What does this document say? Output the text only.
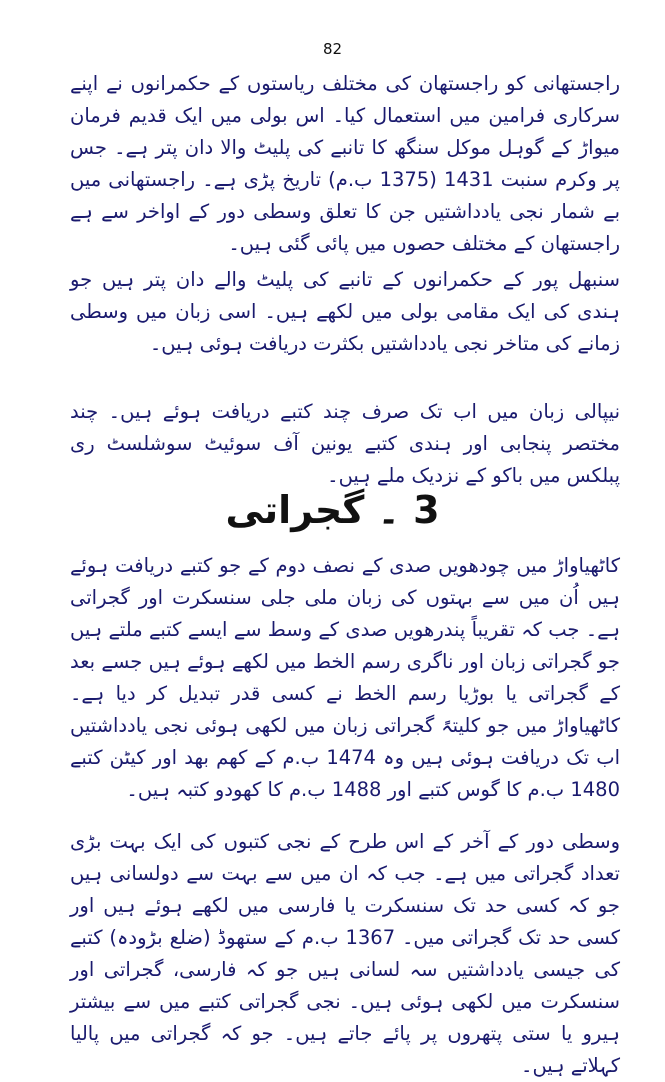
82

راجستھانی کو راجستھان کی مختلف ریاستوں کے حکمرانوں نے اپنے سرکاری فرامین میں استعمال کیا۔ اس بولی میں ایک قدیم فرمان میواڑ کے گوہل موکل سنگھ کا تانبے کی پلیٹ والا دان پتر ہے۔ جس پر وکرم سنبت 1431 (1375 ب.م) تاریخ پڑی ہے۔ راجستھانی میں بے شمار نجی یادداشتیں جن کا تعلق وسطی دور کے اواخر سے ہے راجستھان کے مختلف حصوں میں پائی گئی ہیں۔

سنبھل پور کے حکمرانوں کے تانبے کی پلیٹ والے دان پتر ہیں جو ہندی کی ایک مقامی بولی میں لکھے ہیں۔ اسی زبان میں وسطی زمانے کی متاخر نجی یادداشتیں بکثرت دریافت ہوئی ہیں۔

نیپالی زبان میں اب تک صرف چند کتبے دریافت ہوئے ہیں۔ چند مختصر پنجابی اور ہندی کتبے یونین آف سوئیٹ سوشلسٹ ری پبلکس میں باکو کے نزدیک ملے ہیں۔

3 ۔ گجراتی

کاٹھیاواڑ میں چودھویں صدی کے نصف دوم کے جو کتبے دریافت ہوئے ہیں اُن میں سے بہتوں کی زبان ملی جلی سنسکرت اور گجراتی ہے۔ جب کہ تقریباً پندرھویں صدی کے وسط سے ایسے کتبے ملتے ہیں جو گجراتی زبان اور ناگری رسم الخط میں لکھے ہوئے ہیں جسے بعد کے گجراتی یا بوڑیا رسم الخط نے کسی قدر تبدیل کر دیا ہے۔ کاٹھیاواڑ میں جو کلیتہً گجراتی زبان میں لکھی ہوئی نجی یادداشتیں اب تک دریافت ہوئی ہیں وہ 1474 ب.م کے کھم بھد اور کیٹن کتبے 1480 ب.م کا گوس کتبے اور 1488 ب.م کا کھودو کتبہ ہیں۔

وسطی دور کے آخر کے اس طرح کے نجی کتبوں کی ایک بہت بڑی تعداد گجراتی میں ہے۔ جب کہ ان میں سے بہت سے دولسانی ہیں جو کہ کسی حد تک سنسکرت یا فارسی میں لکھے ہوئے ہیں اور کسی حد تک گجراتی میں۔ 1367 ب.م کے ستھوڈ (ضلع بڑودہ) کتبے کی جیسی یادداشتیں سہ لسانی ہیں جو کہ فارسی، گجراتی اور سنسکرت میں لکھی ہوئی ہیں۔ نجی گجراتی کتبے میں سے بیشتر ہیرو یا ستی پتھروں پر پائے جاتے ہیں۔ جو کہ گجراتی میں پالیا کہلاتے ہیں۔
